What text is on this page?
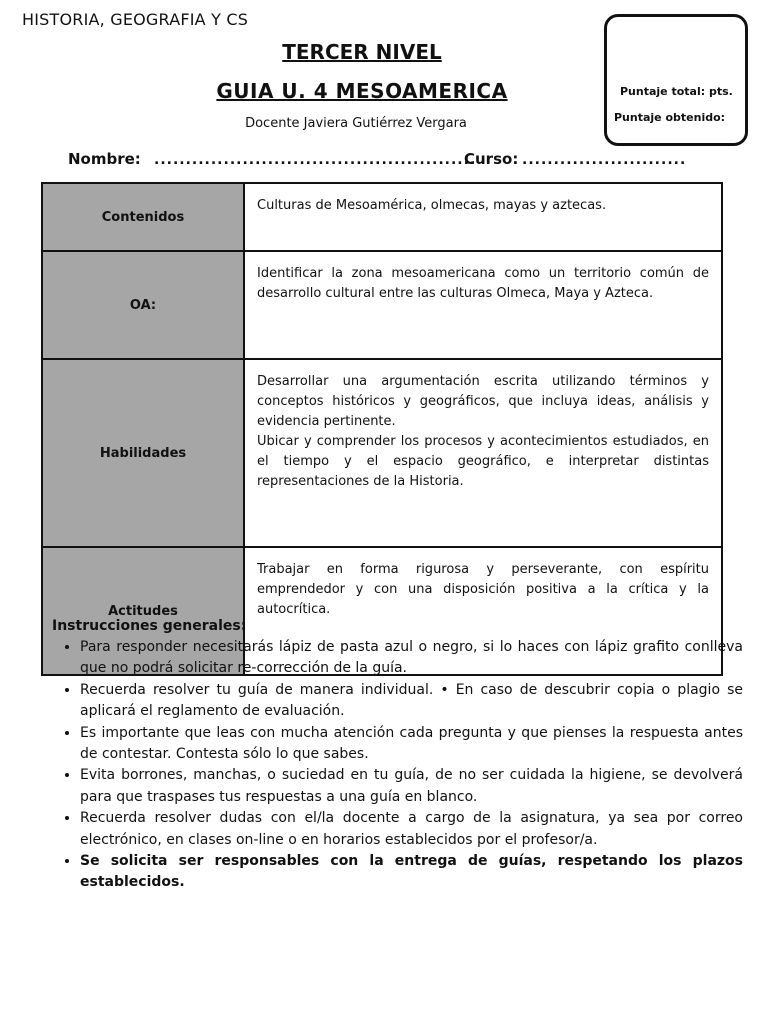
HISTORIA, GEOGRAFIA Y CS
TERCER NIVEL
GUIA U. 4 MESOAMERICA
Docente Javiera Gutiérrez Vergara
Puntaje total: pts.
Puntaje obtenido:
Nombre: ...................................................
Curso: ..........................
Contenidos	Culturas de Mesoamérica, olmecas, mayas y aztecas.

OA:	Identificar la zona mesoamericana como un territorio común de desarrollo cultural entre las culturas Olmeca, Maya y Azteca.

Habilidades	Desarrollar una argumentación escrita utilizando términos y conceptos históricos y geográficos, que incluya ideas, análisis y evidencia pertinente.
Ubicar y comprender los procesos y acontecimientos estudiados, en el tiempo y el espacio geográfico, e interpretar distintas representaciones de la Historia.

Actitudes	Trabajar en forma rigurosa y perseverante, con espíritu emprendedor y con una disposición positiva a la crítica y la autocrítica.
Instrucciones generales:
• Para responder necesitarás lápiz de pasta azul o negro, si lo haces con lápiz grafito conlleva que no podrá solicitar re-corrección de la guía.
• Recuerda resolver tu guía de manera individual. • En caso de descubrir copia o plagio se aplicará el reglamento de evaluación.
• Es importante que leas con mucha atención cada pregunta y que pienses la respuesta antes de contestar. Contesta sólo lo que sabes.
• Evita borrones, manchas, o suciedad en tu guía, de no ser cuidada la higiene, se devolverá para que traspases tus respuestas a una guía en blanco.
• Recuerda resolver dudas con el/la docente a cargo de la asignatura, ya sea por correo electrónico, en clases on-line o en horarios establecidos por el profesor/a.
• Se solicita ser responsables con la entrega de guías, respetando los plazos establecidos.
